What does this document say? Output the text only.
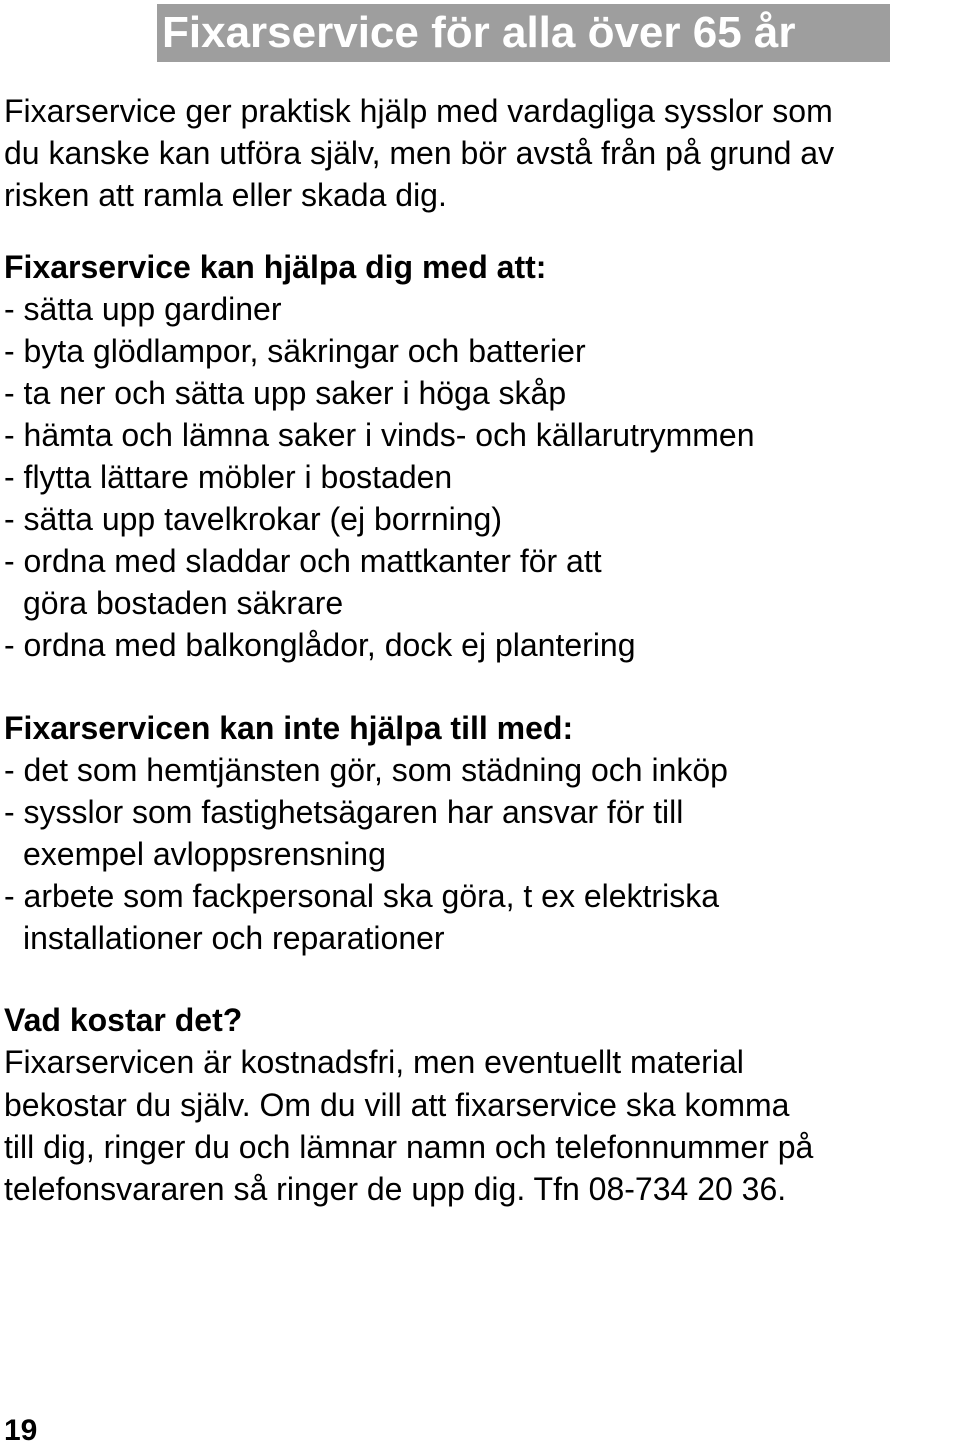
Fixarservice för alla över 65 år
Fixarservice ger praktisk hjälp med vardagliga sysslor som
du kanske kan utföra själv, men bör avstå från på grund av
risken att ramla eller skada dig.
Fixarservice kan hjälpa dig med att:
- sätta upp gardiner
- byta glödlampor, säkringar och batterier
- ta ner och sätta upp saker i höga skåp
- hämta och lämna saker i vinds- och källarutrymmen
- flytta lättare möbler i bostaden
- sätta upp tavelkrokar (ej borrning)
- ordna med sladdar och mattkanter för att
göra bostaden säkrare
- ordna med balkonglådor, dock ej plantering
Fixarservicen kan inte hjälpa till med:
- det som hemtjänsten gör, som städning och inköp
- sysslor som fastighetsägaren har ansvar för till
exempel avloppsrensning
- arbete som fackpersonal ska göra, t ex elektriska
installationer och reparationer
Vad kostar det?
Fixarservicen är kostnadsfri, men eventuellt material
bekostar du själv. Om du vill att fixarservice ska komma
till dig, ringer du och lämnar namn och telefonnummer på
telefonsvararen så ringer de upp dig. Tfn 08-734 20 36.
19
